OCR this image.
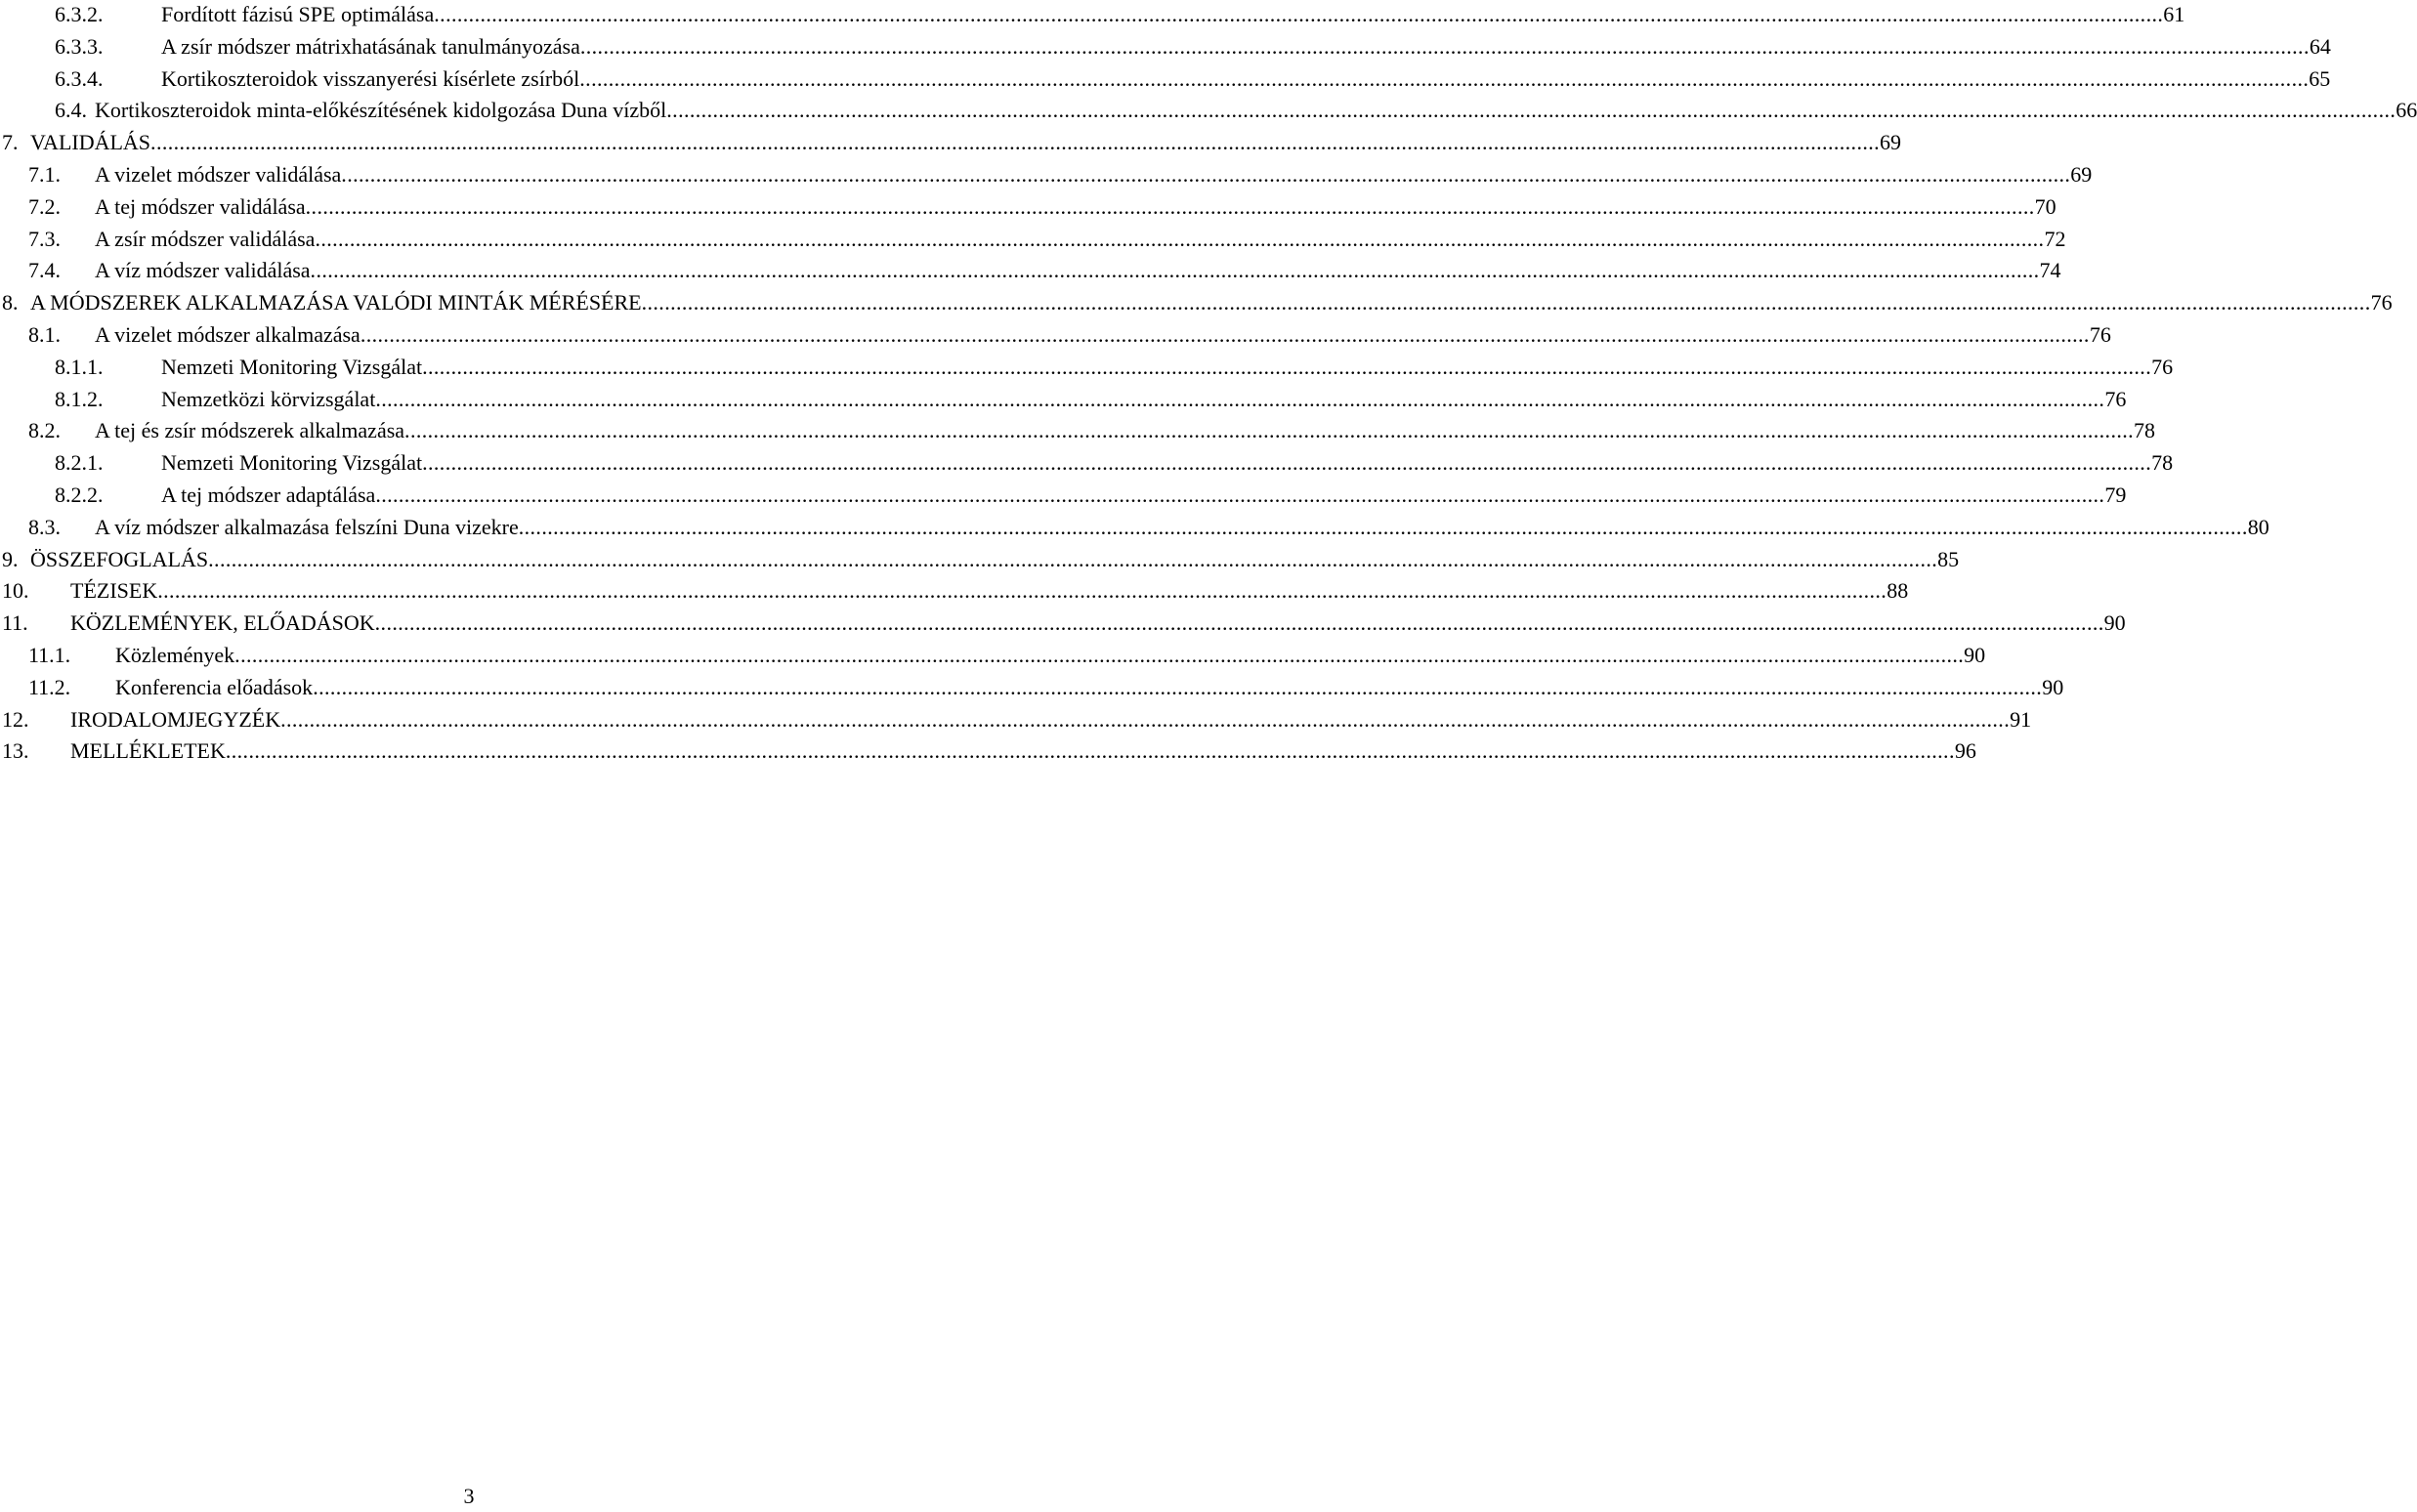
6.3.2.	Fordított fázisú SPE optimálása ............................................................................................................................................................................................................................................................................................................ 61
6.3.3.	A zsír módszer mátrixhatásának tanulmányozása ............................................................................................................................................................................................................................................................................................................ 64
6.3.4.	Kortikoszteroidok visszanyerési kísérlete zsírból ............................................................................................................................................................................................................................................................................................................ 65
6.4. Kortikoszteroidok minta-előkészítésének kidolgozása Duna vízből ............................................................................................................................................................................................................................................................................................................ 66
7. VALIDÁLÁS ............................................................................................................................................................................................................................................................................................................ 69
7.1. A vizelet módszer validálása ............................................................................................................................................................................................................................................................................................................ 69
7.2. A tej módszer validálása ............................................................................................................................................................................................................................................................................................................ 70
7.3. A zsír módszer validálása ............................................................................................................................................................................................................................................................................................................ 72
7.4. A víz módszer validálása ............................................................................................................................................................................................................................................................................................................ 74
8. A MÓDSZEREK ALKALMAZÁSA VALÓDI MINTÁK MÉRÉSÉRE ............................................................................................................................................................................................................................................................................................................ 76
8.1. A vizelet módszer alkalmazása ............................................................................................................................................................................................................................................................................................................ 76
8.1.1.	Nemzeti Monitoring Vizsgálat ............................................................................................................................................................................................................................................................................................................ 76
8.1.2.	Nemzetközi körvizsgálat ............................................................................................................................................................................................................................................................................................................ 76
8.2. A tej és zsír módszerek alkalmazása ............................................................................................................................................................................................................................................................................................................ 78
8.2.1.	Nemzeti Monitoring Vizsgálat ............................................................................................................................................................................................................................................................................................................ 78
8.2.2.	A tej módszer adaptálása ............................................................................................................................................................................................................................................................................................................ 79
8.3. A víz módszer alkalmazása felszíni Duna vizekre ............................................................................................................................................................................................................................................................................................................ 80
9. ÖSSZEFOGLALÁS ............................................................................................................................................................................................................................................................................................................ 85
10. TÉZISEK ............................................................................................................................................................................................................................................................................................................ 88
11. KÖZLEMÉNYEK, ELŐADÁSOK ............................................................................................................................................................................................................................................................................................................ 90
11.1. Közlemények ............................................................................................................................................................................................................................................................................................................ 90
11.2. Konferencia előadások ............................................................................................................................................................................................................................................................................................................ 90
12. IRODALOMJEGYZÉK ............................................................................................................................................................................................................................................................................................................ 91
13. MELLÉKLETEK ............................................................................................................................................................................................................................................................................................................ 96
3
